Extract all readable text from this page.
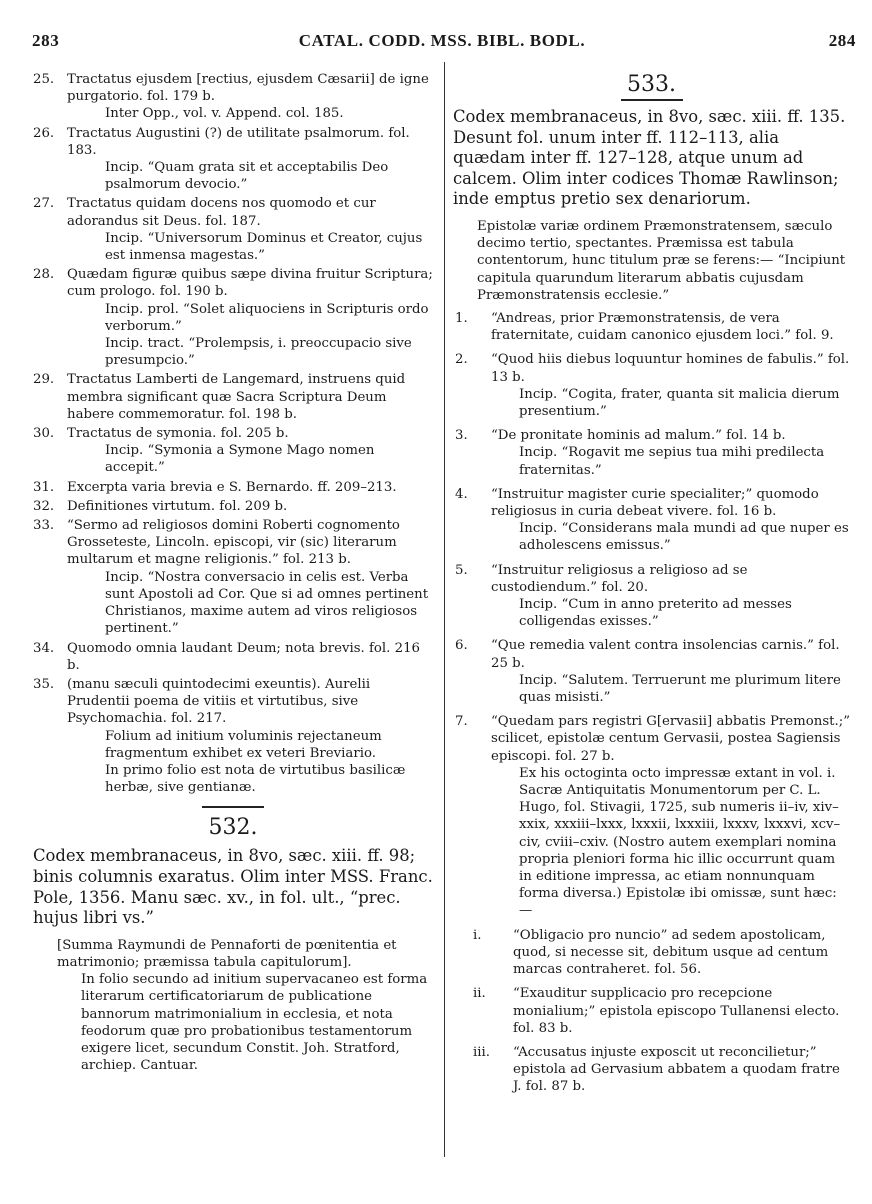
283	CATAL. CODD. MSS. BIBL. BODL.	284
25. Tractatus ejusdem [rectius, ejusdem Cæsarii] de igne purgatorio. fol. 179 b.
Inter Opp., vol. v. Append. col. 185.
26. Tractatus Augustini (?) de utilitate psalmorum. fol. 183.
Incip. “Quam grata sit et acceptabilis Deo psalmorum devocio.”
27. Tractatus quidam docens nos quomodo et cur adorandus sit Deus. fol. 187.
Incip. “Universorum Dominus et Creator, cujus est inmensa magestas.”
28. Quædam figuræ quibus sæpe divina fruitur Scriptura; cum prologo. fol. 190 b.
Incip. prol. “Solet aliquociens in Scripturis ordo verborum.”
Incip. tract. “Prolempsis, i. preoccupacio sive presumpcio.”
29. Tractatus Lamberti de Langemard, instruens quid membra significant quæ Sacra Scriptura Deum habere commemoratur. fol. 198 b.
30. Tractatus de symonia. fol. 205 b.
Incip. “Symonia a Symone Mago nomen accepit.”
31. Excerpta varia brevia e S. Bernardo. ff. 209–213.
32. Definitiones virtutum. fol. 209 b.
33. “Sermo ad religiosos domini Roberti cognomento Grosseteste, Lincoln. episcopi, vir (sic) literarum multarum et magne religionis.” fol. 213 b.
Incip. “Nostra conversacio in celis est. Verba sunt Apostoli ad Cor. Que si ad omnes pertinent Christianos, maxime autem ad viros religiosos pertinent.”
34. Quomodo omnia laudant Deum; nota brevis. fol. 216 b.
35. (manu sæculi quintodecimi exeuntis). Aurelii Prudentii poema de vitiis et virtutibus, sive Psychomachia. fol. 217.
Folium ad initium voluminis rejectaneum fragmentum exhibet ex veteri Breviario.
In primo folio est nota de virtutibus basilicæ herbæ, sive gentianæ.
532.
Codex membranaceus, in 8vo, sæc. xiii. ff. 98; binis columnis exaratus. Olim inter MSS. Franc. Pole, 1356. Manu sæc. xv., in fol. ult., “prec. hujus libri vs.”

[Summa Raymundi de Pennaforti de pœnitentia et matrimonio; præmissa tabula capitulorum].

In folio secundo ad initium supervacaneo est forma literarum certificatoriarum de publicatione bannorum matrimonialium in ecclesia, et nota feodorum quæ pro probationibus testamentorum exigere licet, secundum Constit. Joh. Stratford, archiep. Cantuar.

533.
Codex membranaceus, in 8vo, sæc. xiii. ff. 135. Desunt fol. unum inter ff. 112–113, alia quædam inter ff. 127–128, atque unum ad calcem. Olim inter codices Thomæ Rawlinson; inde emptus pretio sex denariorum.
Epistolæ variæ ordinem Præmonstratensem, sæculo decimo tertio, spectantes. Præmissa est tabula contentorum, hunc titulum præ se ferens:— “Incipiunt capitula quarundum literarum abbatis cujusdam Præmonstratensis ecclesie.”
1. “Andreas, prior Præmonstratensis, de vera fraternitate, cuidam canonico ejusdem loci.” fol. 9.
2. “Quod hiis diebus loquuntur homines de fabulis.” fol. 13 b.
Incip. “Cogita, frater, quanta sit malicia dierum presentium.”
3. “De pronitate hominis ad malum.” fol. 14 b.
Incip. “Rogavit me sepius tua mihi predilecta fraternitas.”
4. “Instruitur magister curie specialiter;” quomodo religiosus in curia debeat vivere. fol. 16 b.
Incip. “Considerans mala mundi ad que nuper es adholescens emissus.”
5. “Instruitur religiosus a religioso ad se custodiendum.” fol. 20.
Incip. “Cum in anno preterito ad messes colligendas exisses.”
6. “Que remedia valent contra insolencias carnis.” fol. 25 b.
Incip. “Salutem. Terruerunt me plurimum litere quas misisti.”
7. “Quedam pars registri G[ervasii] abbatis Premonst.;” scilicet, epistolæ centum Gervasii, postea Sagiensis episcopi. fol. 27 b.
Ex his octoginta octo impressæ extant in vol. i. Sacræ Antiquitatis Monumentorum per C. L. Hugo, fol. Stivagii, 1725, sub numeris ii–iv, xiv–xxix, xxxiii–lxxx, lxxxii, lxxxiii, lxxxv, lxxxvi, xcv–civ, cviii–cxiv. (Nostro autem exemplari nomina propria pleniori forma hic illic occurrunt quam in editione impressa, ac etiam nonnunquam forma diversa.) Epistolæ ibi omissæ, sunt hæc:—
i. “Obligacio pro nuncio” ad sedem apostolicam, quod, si necesse sit, debitum usque ad centum marcas contraheret. fol. 56.
ii. “Exauditur supplicacio pro recepcione monialium;” epistola episcopo Tullanensi electo. fol. 83 b.
iii. “Accusatus injuste exposcit ut reconcilietur;” epistola ad Gervasium abbatem a quodam fratre J. fol. 87 b.
